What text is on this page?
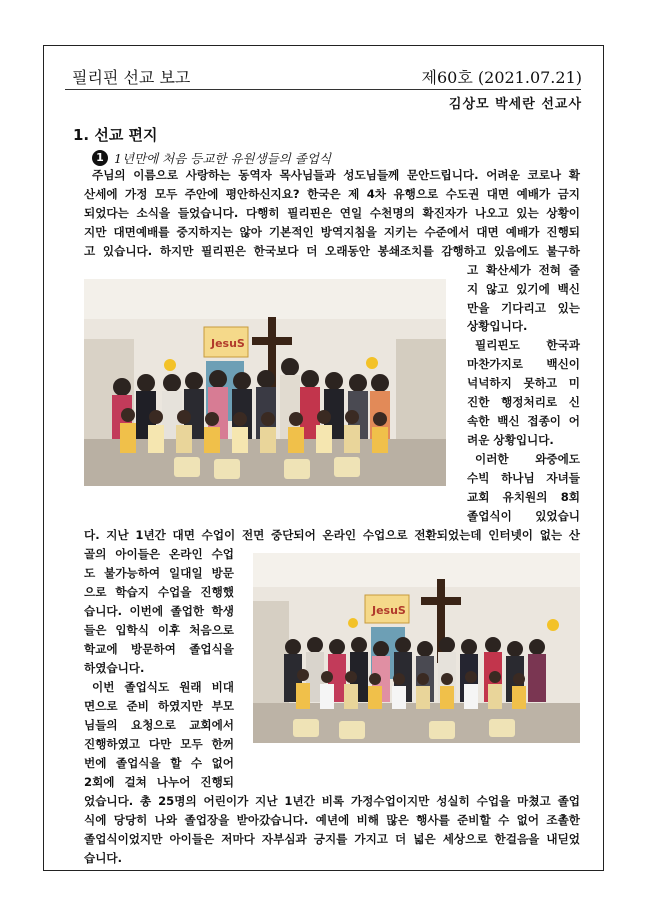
필리핀 선교 보고	제60호 (2021.07.21)
김상모 박세란 선교사
1. 선교 편지
1 1년만에 처음 등교한 유원생들의 졸업식
주님의 이름으로 사랑하는 동역자 목사님들과 성도님들께 문안드립니다. 어려운 코로나 확
산세에 가정 모두 주안에 평안하신지요? 한국은 제 4차 유행으로 수도권 대면 예배가 금지
되었다는 소식을 들었습니다. 다행히 필리핀은 연일 수천명의 확진자가 나오고 있는 상황이
지만 대면예배를 중지하지는 않아 기본적인 방역지침을 지키는 수준에서 대면 예배가 진행되
고 있습니다. 하지만 필리핀은 한국보다 더 오래동안 봉쇄조치를 감행하고 있음에도 불구하
고 확산세가 전혀 줄
지 않고 있기에 백신
만을 기다리고 있는
상황입니다.
필리핀도 한국과
마찬가지로 백신이
넉넉하지 못하고 미
진한 행정처리로 신
속한 백신 접종이 어
려운 상황입니다.
이러한 와중에도
수빅 하나님 자녀들
교회 유치원의 8회
졸업식이 있었습니
다. 지난 1년간 대면 수업이 전면 중단되어 온라인 수업으로 전환되었는데 인터넷이 없는 산
골의 아이들은 온라인 수업
도 불가능하여 일대일 방문
으로 학습지 수업을 진행했
습니다. 이번에 졸업한 학생
들은 입학식 이후 처음으로
학교에 방문하여 졸업식을
하였습니다.
이번 졸업식도 원래 비대
면으로 준비 하였지만 부모
님들의 요청으로 교회에서
진행하였고 다만 모두 한꺼
번에 졸업식을 할 수 없어
2회에 걸쳐 나누어 진행되
었습니다. 총 25명의 어린이가 지난 1년간 비록 가정수업이지만 성실히 수업을 마쳤고 졸업
식에 당당히 나와 졸업장을 받아갔습니다. 예년에 비해 많은 행사를 준비할 수 없어 조촐한
졸업식이었지만 아이들은 저마다 자부심과 긍지를 가지고 더 넓은 세상으로 한걸음을 내딛었
습니다.
JesuS
JesuS
